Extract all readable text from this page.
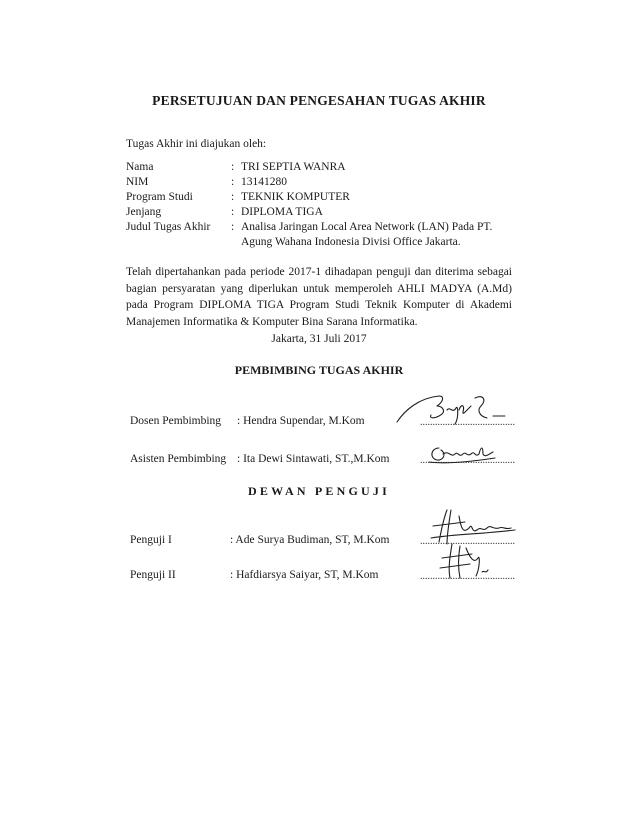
PERSETUJUAN DAN PENGESAHAN TUGAS AKHIR
Tugas Akhir ini diajukan oleh:
Nama	: TRI SEPTIA WANRA
NIM	: 13141280
Program Studi	: TEKNIK KOMPUTER
Jenjang	: DIPLOMA TIGA
Judul Tugas Akhir : Analisa Jaringan Local Area Network (LAN) Pada PT.
Agung Wahana Indonesia Divisi Office Jakarta.
Telah dipertahankan pada periode 2017-1 dihadapan penguji dan diterima sebagai bagian persyaratan yang diperlukan untuk memperoleh AHLI MADYA (A.Md) pada Program DIPLOMA TIGA Program Studi Teknik Komputer di Akademi Manajemen Informatika & Komputer Bina Sarana Informatika.
Jakarta, 31 Juli 2017
PEMBIMBING TUGAS AKHIR
Dosen Pembimbing : Hendra Supendar, M.Kom	......................................
Asisten Pembimbing : Ita Dewi Sintawati, ST.,M.Kom	......................................
DEWAN PENGUJI
Penguji I	: Ade Surya Budiman, ST, M.Kom	......................................
Penguji II	: Hafdiarsya Saiyar, ST, M.Kom	......................................
